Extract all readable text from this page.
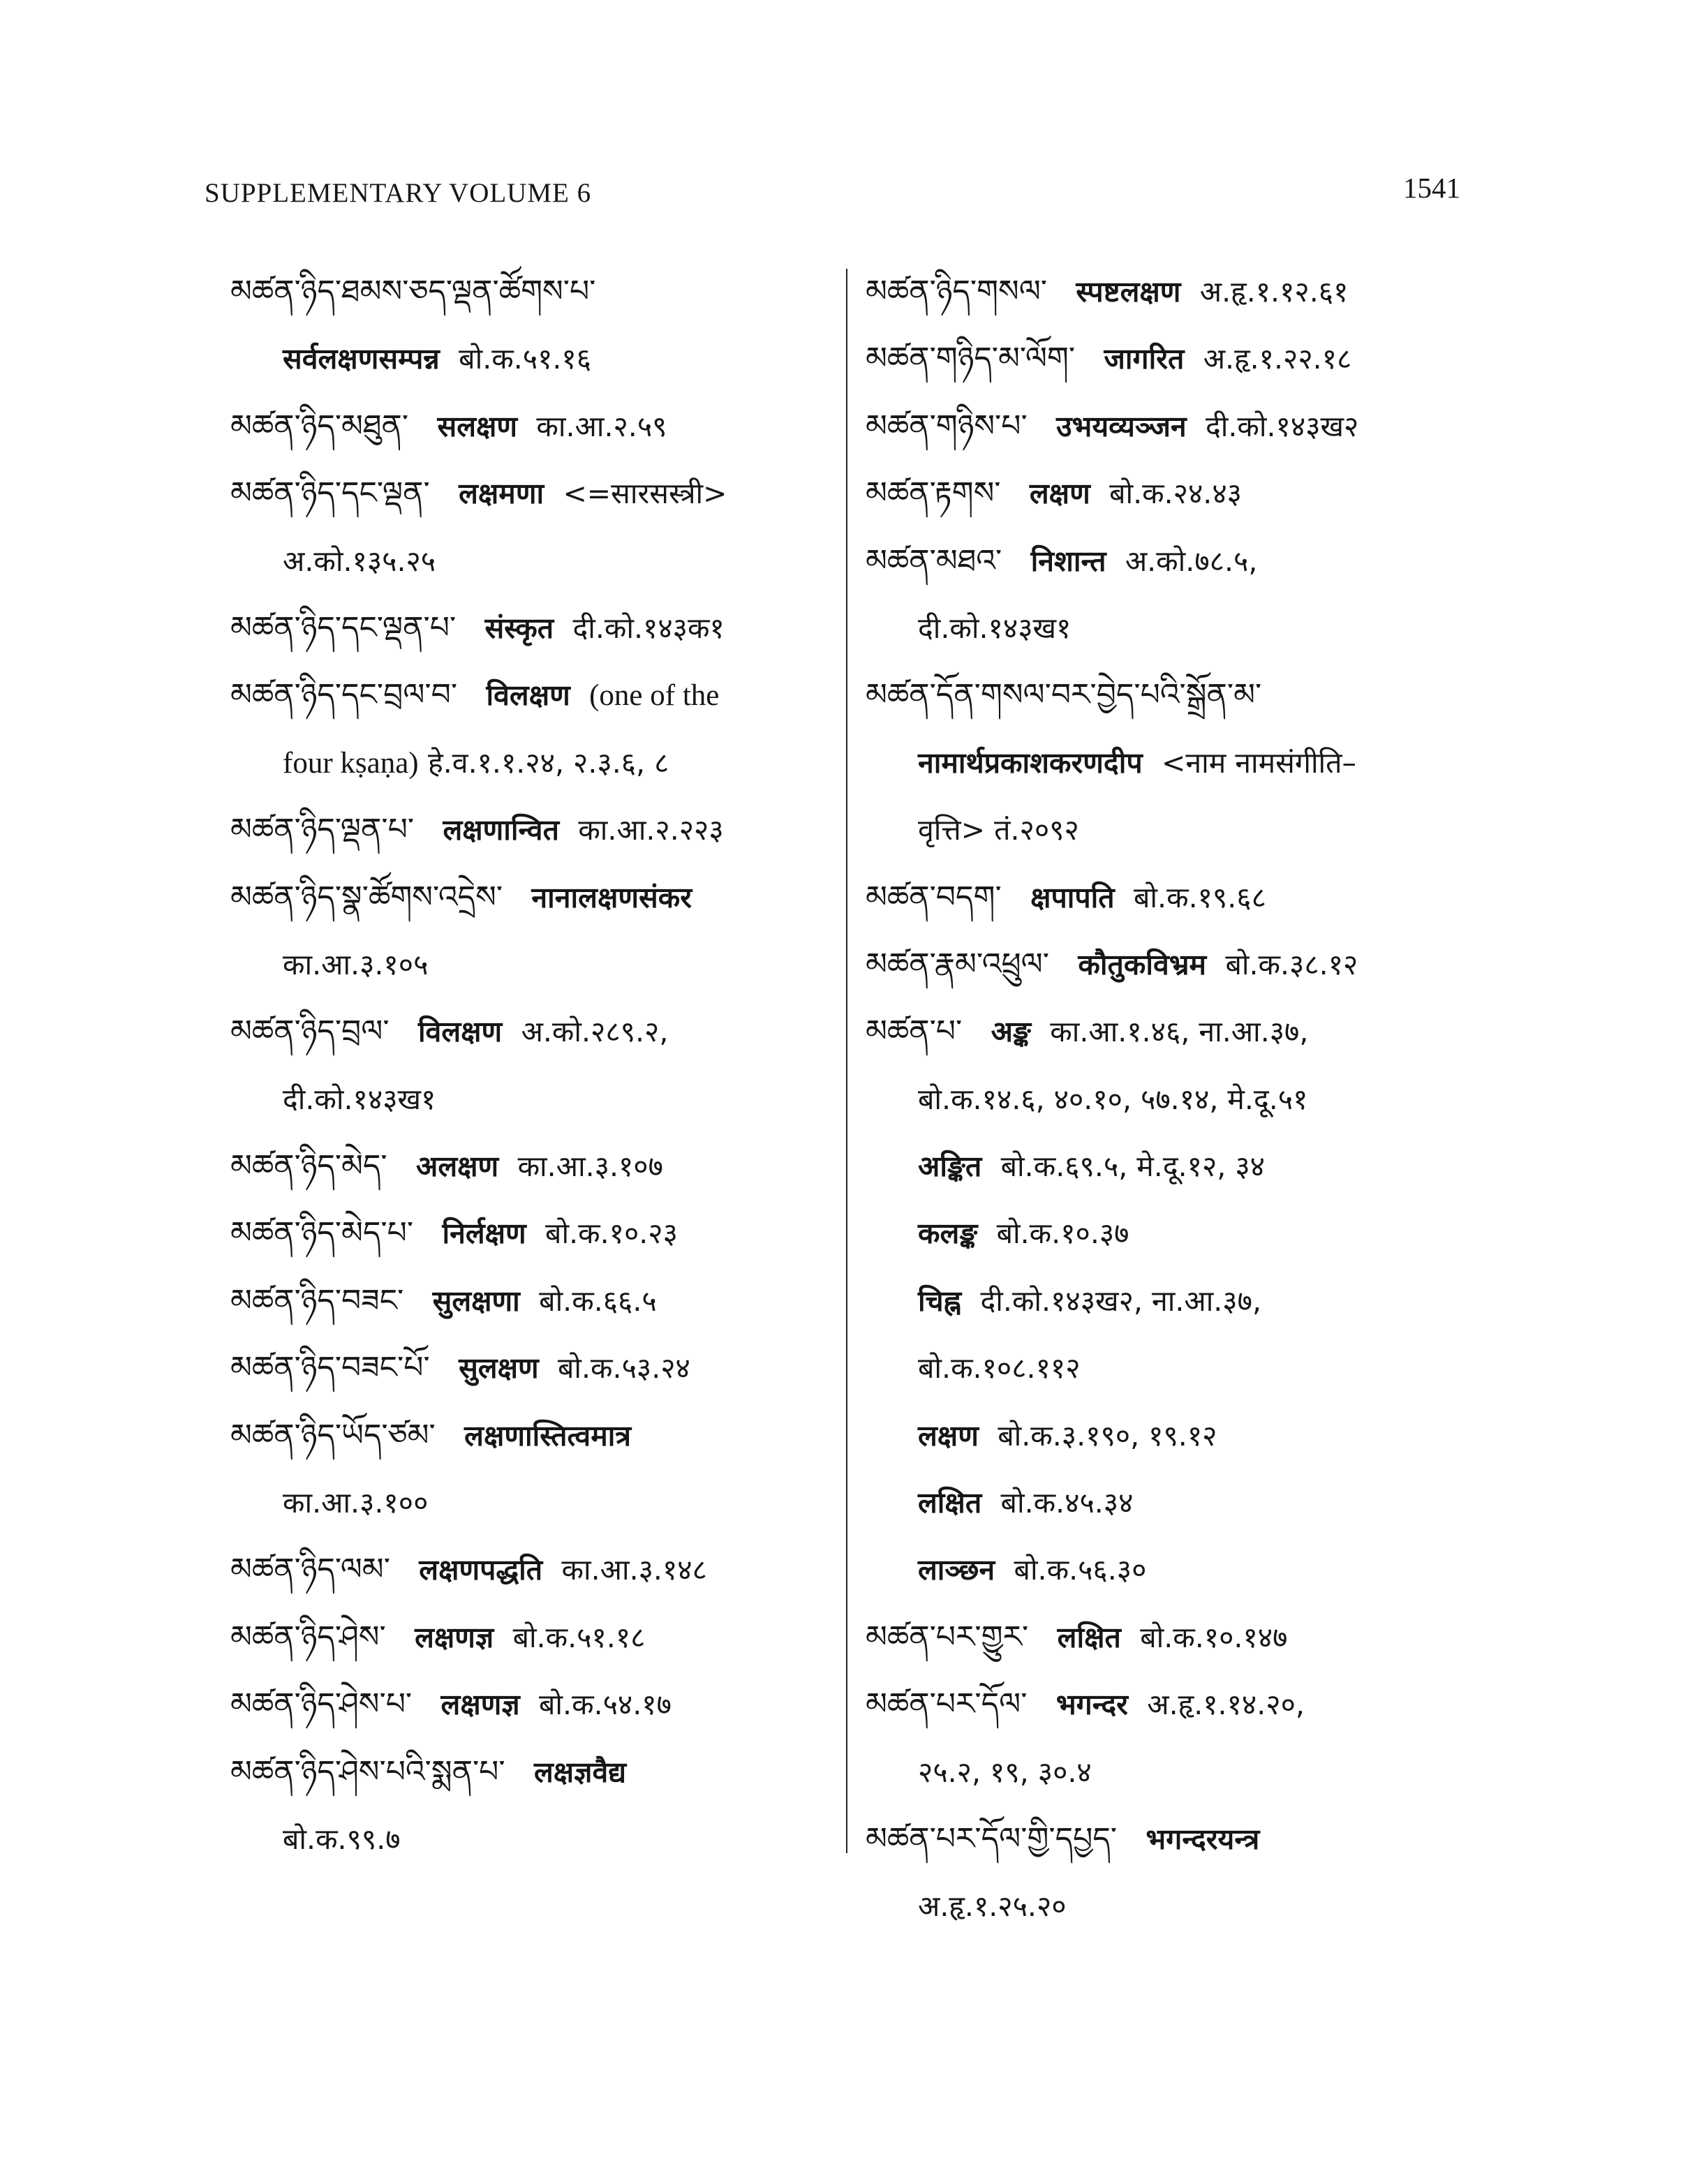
SUPPLEMENTARY VOLUME 6	1541
མཚན་ཉིད་ཐམས་ཅད་ལྡན་ཚོགས་པ་
सर्वलक्षणसम्पन्न बो.क.५१.१६
མཚན་ཉིད་མཐུན་ सलक्षण का.आ.२.५९
མཚན་ཉིད་དང་ལྡན་ लक्षमणा <=सारसस्त्री>
अ.को.१३५.२५
མཚན་ཉིད་དང་ལྡན་པ་ संस्कृत दी.को.१४३क१
མཚན་ཉིད་དང་བྲལ་བ་ विलक्षण (one of the
four kṣaṇa) हे.व.१.१.२४, २.३.६, ८
མཚན་ཉིད་ལྡན་པ་ लक्षणान्वित का.आ.२.२२३
མཚན་ཉིད་སྣ་ཚོགས་འདྲེས་ नानालक्षणसंकर
का.आ.३.१०५
མཚན་ཉིད་བྲལ་ विलक्षण अ.को.२८९.२,
दी.को.१४३ख१
མཚན་ཉིད་མེད་ अलक्षण का.आ.३.१०७
མཚན་ཉིད་མེད་པ་ निर्लक्षण बो.क.१०.२३
མཚན་ཉིད་བཟང་ सुलक्षणा बो.क.६६.५
མཚན་ཉིད་བཟང་པོ་ सुलक्षण बो.क.५३.२४
མཚན་ཉིད་ཡོད་ཙམ་ लक्षणास्तित्वमात्र
का.आ.३.१००
མཚན་ཉིད་ལམ་ लक्षणपद्धति का.आ.३.१४८
མཚན་ཉིད་ཤེས་ लक्षणज्ञ बो.क.५१.१८
མཚན་ཉིད་ཤེས་པ་ लक्षणज्ञ बो.क.५४.१७
མཚན་ཉིད་ཤེས་པའི་སྨན་པ་ लक्षज्ञवैद्य
बो.क.९९.७
མཚན་ཉིད་གསལ་ स्पष्टलक्षण अ.हृ.१.१२.६१
མཚན་གཉིད་མ་ལོག་ जागरित अ.हृ.१.२२.१८
མཚན་གཉིས་པ་ उभयव्यञ्जन दी.को.१४३ख२
མཚན་རྟགས་ लक्षण बो.क.२४.४३
མཚན་མཐའ་ निशान्त अ.को.७८.५,
दी.को.१४३ख१
མཚན་དོན་གསལ་བར་བྱེད་པའི་སྒྲོན་མ་
नामार्थप्रकाशकरणदीप <नाम नामसंगीति–
वृत्ति> तं.२०९२
མཚན་བདག་ क्षपापति बो.क.१९.६८
མཚན་རྣམ་འཕྲུལ་ कौतुकविभ्रम बो.क.३८.१२
མཚན་པ་ अङ्क का.आ.१.४६, ना.आ.३७,
बो.क.१४.६, ४०.१०, ५७.१४, मे.दू.५१
अङ्कित बो.क.६९.५, मे.दू.१२, ३४
कलङ्क बो.क.१०.३७
चिह्न दी.को.१४३ख२, ना.आ.३७,
बो.क.१०८.११२
लक्षण बो.क.३.१९०, १९.१२
लक्षित बो.क.४५.३४
लाञ्छन बो.क.५६.३०
མཚན་པར་གྱུར་ लक्षित बो.क.१०.१४७
མཚན་པར་དོལ་ भगन्दर अ.हृ.१.१४.२०,
२५.२, १९, ३०.४
མཚན་པར་དོལ་གྱི་དཔྱད་ भगन्दरयन्त्र
अ.हृ.१.२५.२०
